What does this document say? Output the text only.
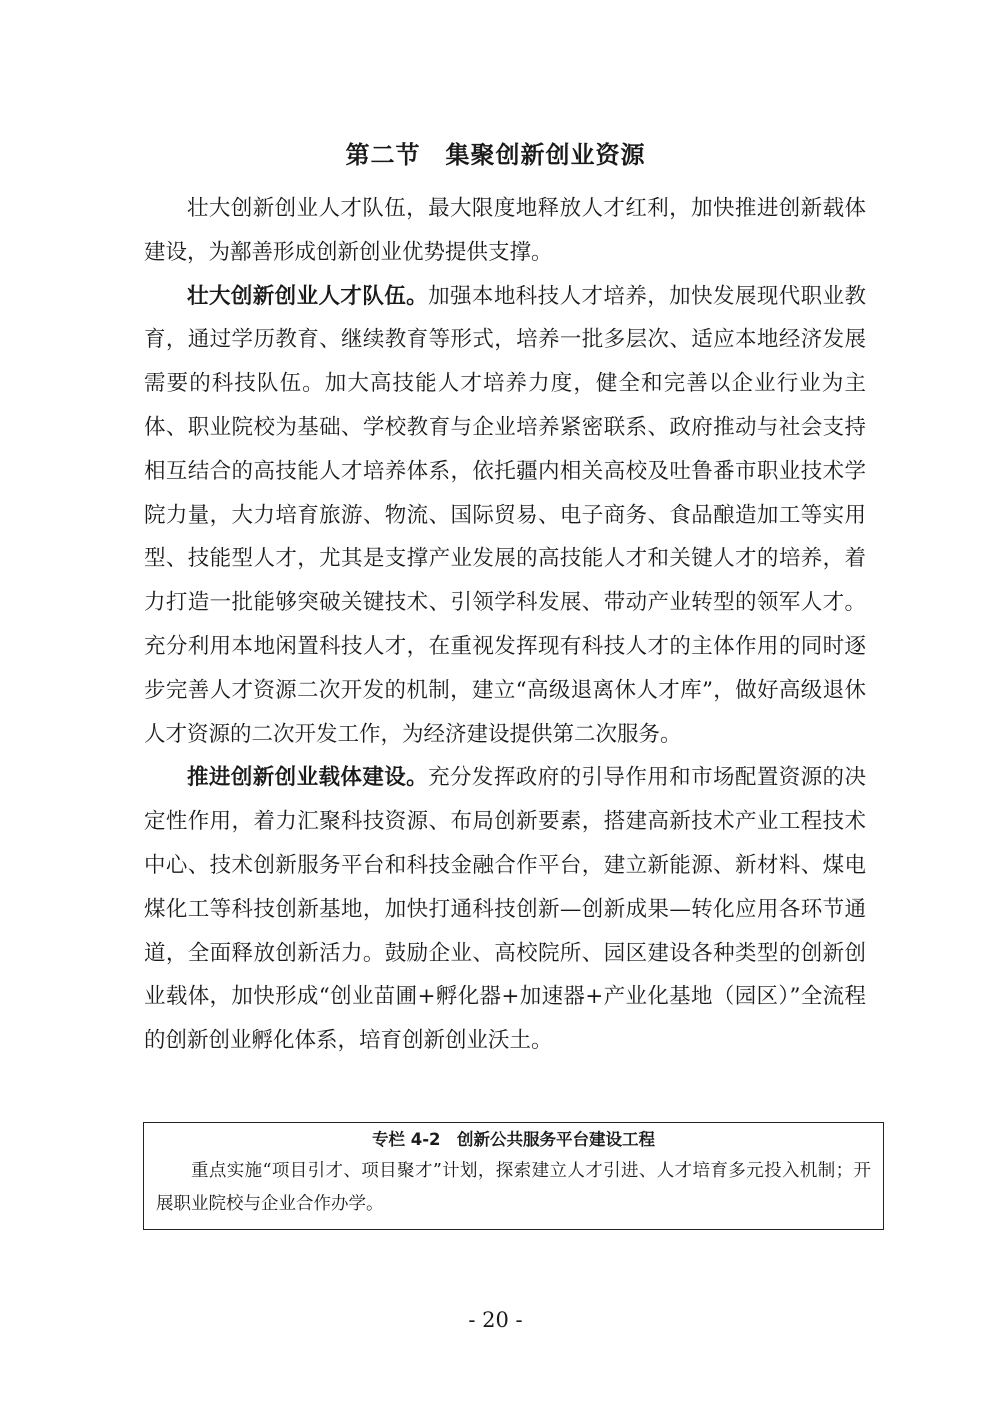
第二节　集聚创新创业资源

壮大创新创业人才队伍，最大限度地释放人才红利，加快推进创新载体建设，为鄯善形成创新创业优势提供支撑。

壮大创新创业人才队伍。加强本地科技人才培养，加快发展现代职业教育，通过学历教育、继续教育等形式，培养一批多层次、适应本地经济发展需要的科技队伍。加大高技能人才培养力度，健全和完善以企业行业为主体、职业院校为基础、学校教育与企业培养紧密联系、政府推动与社会支持相互结合的高技能人才培养体系，依托疆内相关高校及吐鲁番市职业技术学院力量，大力培育旅游、物流、国际贸易、电子商务、食品酿造加工等实用型、技能型人才，尤其是支撑产业发展的高技能人才和关键人才的培养，着力打造一批能够突破关键技术、引领学科发展、带动产业转型的领军人才。充分利用本地闲置科技人才，在重视发挥现有科技人才的主体作用的同时逐步完善人才资源二次开发的机制，建立“高级退离休人才库”，做好高级退休人才资源的二次开发工作，为经济建设提供第二次服务。

推进创新创业载体建设。充分发挥政府的引导作用和市场配置资源的决定性作用，着力汇聚科技资源、布局创新要素，搭建高新技术产业工程技术中心、技术创新服务平台和科技金融合作平台，建立新能源、新材料、煤电煤化工等科技创新基地，加快打通科技创新—创新成果—转化应用各环节通道，全面释放创新活力。鼓励企业、高校院所、园区建设各种类型的创新创业载体，加快形成“创业苗圃+孵化器+加速器+产业化基地（园区）”全流程的创新创业孵化体系，培育创新创业沃土。

专栏 4-2　创新公共服务平台建设工程

重点实施“项目引才、项目聚才”计划，探索建立人才引进、人才培育多元投入机制；开展职业院校与企业合作办学。

- 20 -
